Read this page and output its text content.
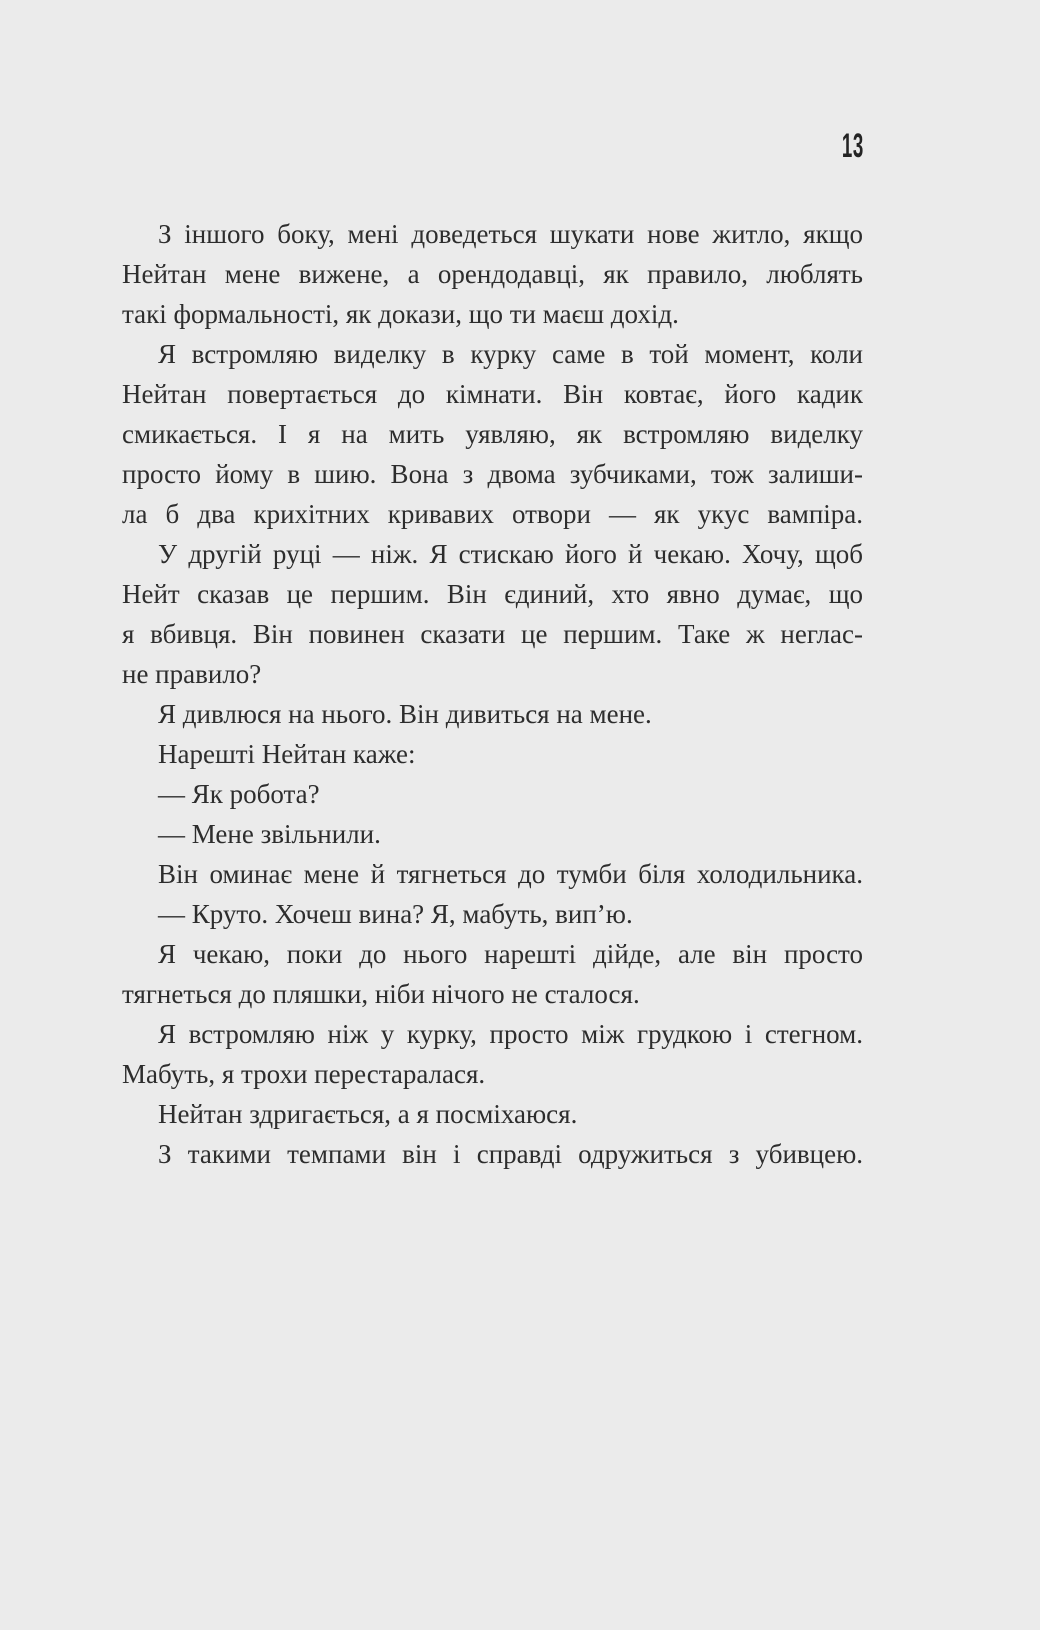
13
З іншого боку, мені доведеться шукати нове житло, якщо
Нейтан мене вижене, а орендодавці, як правило, люблять
такі формальності, як докази, що ти маєш дохід.
Я встромляю виделку в курку саме в той момент, коли
Нейтан повертається до кімнати. Він ковтає, його кадик
смикається. І я на мить уявляю, як встромляю виделку
просто йому в шию. Вона з двома зубчиками, тож залиши-
ла б два крихітних кривавих отвори — як укус вампіра.
У другій руці — ніж. Я стискаю його й чекаю. Хочу, щоб
Нейт сказав це першим. Він єдиний, хто явно думає, що
я вбивця. Він повинен сказати це першим. Таке ж неглас-
не правило?
Я дивлюся на нього. Він дивиться на мене.
Нарешті Нейтан каже:
— Як робота?
— Мене звільнили.
Він оминає мене й тягнеться до тумби біля холодильника.
— Круто. Хочеш вина? Я, мабуть, вип’ю.
Я чекаю, поки до нього нарешті дійде, але він просто
тягнеться до пляшки, ніби нічого не сталося.
Я встромляю ніж у курку, просто між грудкою і стегном.
Мабуть, я трохи перестаралася.
Нейтан здригається, а я посміхаюся.
З такими темпами він і справді одружиться з убивцею.
